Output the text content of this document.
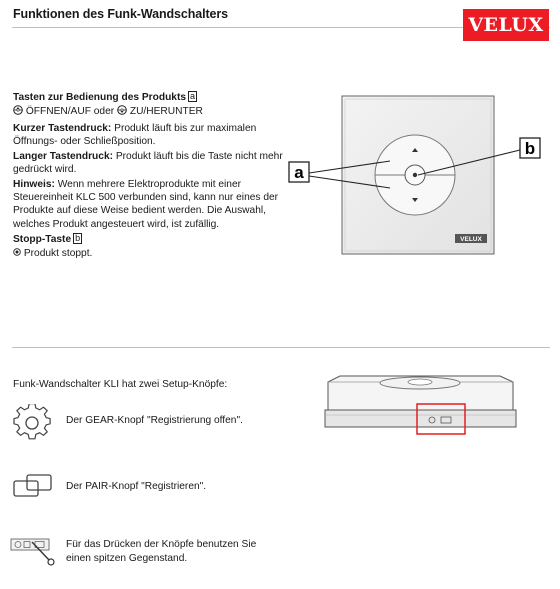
Funktionen des Funk-Wandschalters	VELUX
Tasten zur Bedienung des Produkts a
ÖFFNEN/AUF oder ZU/HERUNTER
Kurzer Tastendruck: Produkt läuft bis zur maximalen Öffnungs- oder Schließposition.
Langer Tastendruck: Produkt läuft bis die Taste nicht mehr gedrückt wird.
Hinweis: Wenn mehrere Elektroprodukte mit einer Steuereinheit KLC 500 verbunden sind, kann nur eines der Produkte auf diese Weise bedient werden. Die Auswahl, welches Produkt angesteuert wird, ist zufällig.
Stopp-Taste b
Produkt stoppt.
VELUX
a
b
Funk-Wandschalter KLI hat zwei Setup-Knöpfe:
Der GEAR-Knopf "Registrierung offen".
Der PAIR-Knopf "Registrieren".
Für das Drücken der Knöpfe benutzen Sie einen spitzen Gegenstand.
